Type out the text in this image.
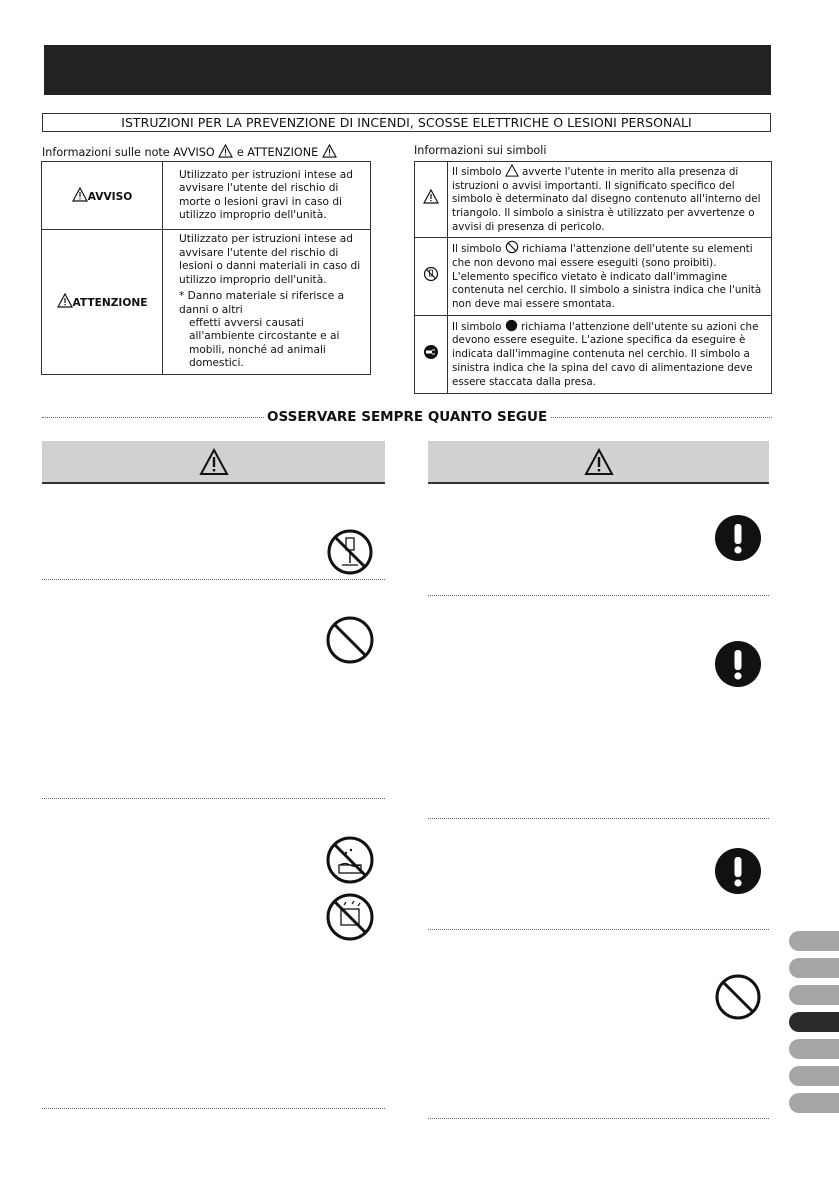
ISTRUZIONI PER LA PREVENZIONE DI INCENDI, SCOSSE ELETTRICHE O LESIONI PERSONALI
Informazioni sulle note AVVISO  e ATTENZIONE	Informazioni sui simboli
AVVISO	Utilizzato per istruzioni intese ad avvisare l'utente del rischio di morte o lesioni gravi in caso di utilizzo improprio dell'unità.
ATTENZIONE	Utilizzato per istruzioni intese ad avvisare l'utente del rischio di lesioni o danni materiali in caso di utilizzo improprio dell'unità.
* Danno materiale si riferisce a danni o altri
effetti avversi causati all'ambiente circostante e ai mobili, nonché ad animali domestici.
	Il simbolo  avverte l'utente in merito alla presenza di istruzioni o avvisi importanti. Il significato specifico del simbolo è determinato dal disegno contenuto all'interno del triangolo. Il simbolo a sinistra è utilizzato per avvertenze o avvisi di presenza di pericolo.
	Il simbolo  richiama l'attenzione dell'utente su elementi che non devono mai essere eseguiti (sono proibiti). L'elemento specifico vietato è indicato dall'immagine contenuta nel cerchio. Il simbolo a sinistra indica che l'unità non deve mai essere smontata.
	Il simbolo  richiama l'attenzione dell'utente su azioni che devono essere eseguite. L'azione specifica da eseguire è indicata dall'immagine contenuta nel cerchio. Il simbolo a sinistra indica che la spina del cavo di alimentazione deve essere staccata dalla presa.
OSSERVARE SEMPRE QUANTO SEGUE
